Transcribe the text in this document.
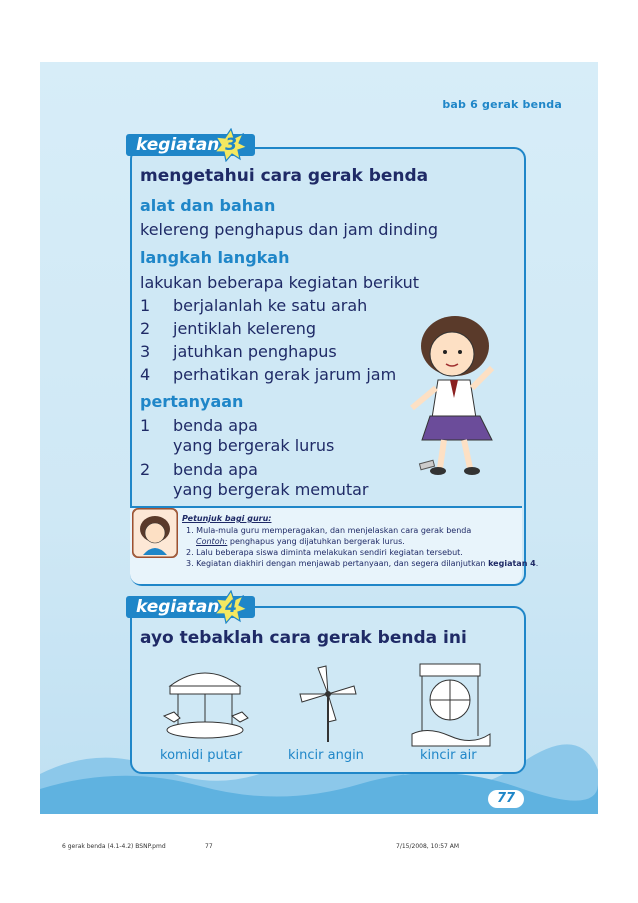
bab 6 gerak benda
kegiatan 3
mengetahui cara gerak benda
alat dan bahan
kelereng penghapus dan jam dinding
langkah langkah
lakukan beberapa kegiatan berikut
1 berjalanlah ke satu arah
2 jentiklah kelereng
3 jatuhkan penghapus
4 perhatikan gerak jarum jam
pertanyaan
1 benda apa
yang bergerak lurus
2 benda apa
yang bergerak memutar
Petunjuk bagi guru:
1. Mula-mula guru memperagakan, dan menjelaskan cara gerak benda
Contoh: penghapus yang dijatuhkan bergerak lurus.
2. Lalu beberapa siswa diminta melakukan sendiri kegiatan tersebut.
3. Kegiatan diakhiri dengan menjawab pertanyaan, dan segera dilanjutkan kegiatan 4.
kegiatan 4
ayo tebaklah cara gerak benda ini
komidi putar	kincir angin	kincir air
77
6 gerak benda (4.1-4.2) BSNP.pmd	77	7/15/2008, 10:57 AM
